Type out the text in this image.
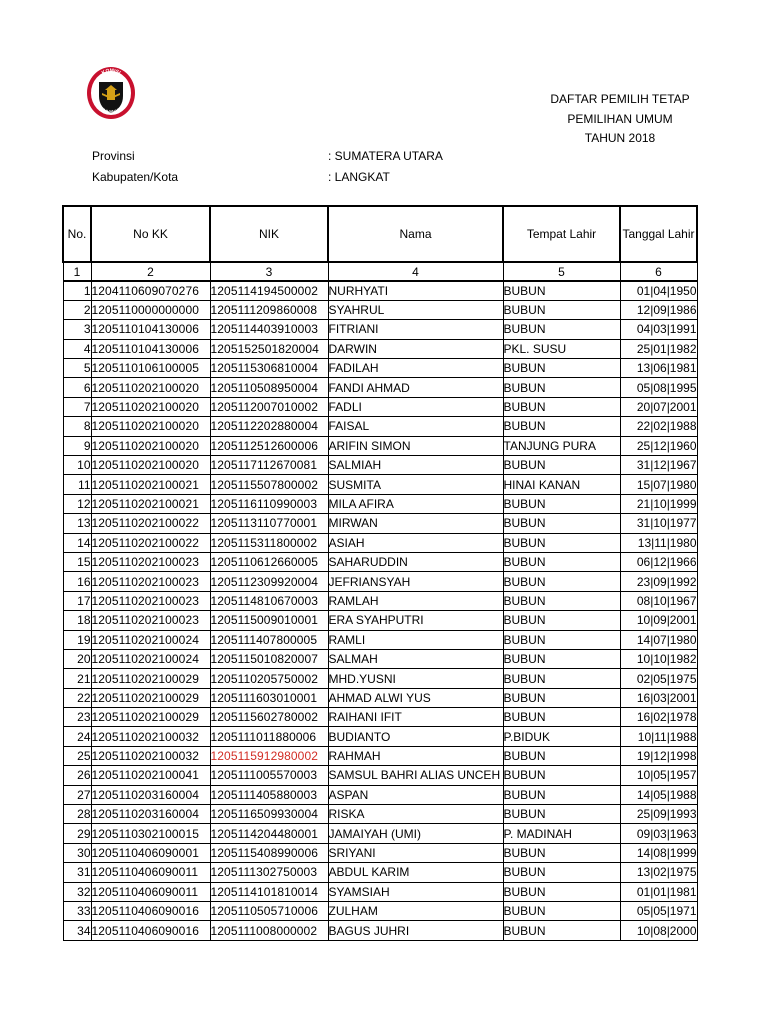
KOMISI
PEMILIHAN UMUM	DAFTAR PEMILIH TETAP
PEMILIHAN UMUM
TAHUN 2018
Provinsi	: SUMATERA UTARA
Kabupaten/Kota	: LANGKAT
No.	No KK	NIK	Nama	Tempat Lahir	Tanggal Lahir
1	2	3	4	5	6
1	1204110609070276	1205114194500002	NURHYATI	BUBUN	01|04|1950
2	1205110000000000	1205111209860008	SYAHRUL	BUBUN	12|09|1986
3	1205110104130006	1205114403910003	FITRIANI	BUBUN	04|03|1991
4	1205110104130006	1205152501820004	DARWIN	PKL. SUSU	25|01|1982
5	1205110106100005	1205115306810004	FADILAH	BUBUN	13|06|1981
6	1205110202100020	1205110508950004	FANDI AHMAD	BUBUN	05|08|1995
7	1205110202100020	1205112007010002	FADLI	BUBUN	20|07|2001
8	1205110202100020	1205112202880004	FAISAL	BUBUN	22|02|1988
9	1205110202100020	1205112512600006	ARIFIN SIMON	TANJUNG PURA	25|12|1960
10	1205110202100020	1205117112670081	SALMIAH	BUBUN	31|12|1967
11	1205110202100021	1205115507800002	SUSMITA	HINAI KANAN	15|07|1980
12	1205110202100021	1205116110990003	MILA AFIRA	BUBUN	21|10|1999
13	1205110202100022	1205113110770001	MIRWAN	BUBUN	31|10|1977
14	1205110202100022	1205115311800002	ASIAH	BUBUN	13|11|1980
15	1205110202100023	1205110612660005	SAHARUDDIN	BUBUN	06|12|1966
16	1205110202100023	1205112309920004	JEFRIANSYAH	BUBUN	23|09|1992
17	1205110202100023	1205114810670003	RAMLAH	BUBUN	08|10|1967
18	1205110202100023	1205115009010001	ERA SYAHPUTRI	BUBUN	10|09|2001
19	1205110202100024	1205111407800005	RAMLI	BUBUN	14|07|1980
20	1205110202100024	1205115010820007	SALMAH	BUBUN	10|10|1982
21	1205110202100029	1205110205750002	MHD.YUSNI	BUBUN	02|05|1975
22	1205110202100029	1205111603010001	AHMAD ALWI YUS	BUBUN	16|03|2001
23	1205110202100029	1205115602780002	RAIHANI IFIT	BUBUN	16|02|1978
24	1205110202100032	1205111011880006	BUDIANTO	P.BIDUK	10|11|1988
25	1205110202100032	1205115912980002	RAHMAH	BUBUN	19|12|1998
26	1205110202100041	1205111005570003	SAMSUL BAHRI ALIAS UNCEH	BUBUN	10|05|1957
27	1205110203160004	1205111405880003	ASPAN	BUBUN	14|05|1988
28	1205110203160004	1205116509930004	RISKA	BUBUN	25|09|1993
29	1205110302100015	1205114204480001	JAMAIYAH (UMI)	P. MADINAH	09|03|1963
30	1205110406090001	1205115408990006	SRIYANI	BUBUN	14|08|1999
31	1205110406090011	1205111302750003	ABDUL KARIM	BUBUN	13|02|1975
32	1205110406090011	1205114101810014	SYAMSIAH	BUBUN	01|01|1981
33	1205110406090016	1205110505710006	ZULHAM	BUBUN	05|05|1971
34	1205110406090016	1205111008000002	BAGUS JUHRI	BUBUN	10|08|2000
